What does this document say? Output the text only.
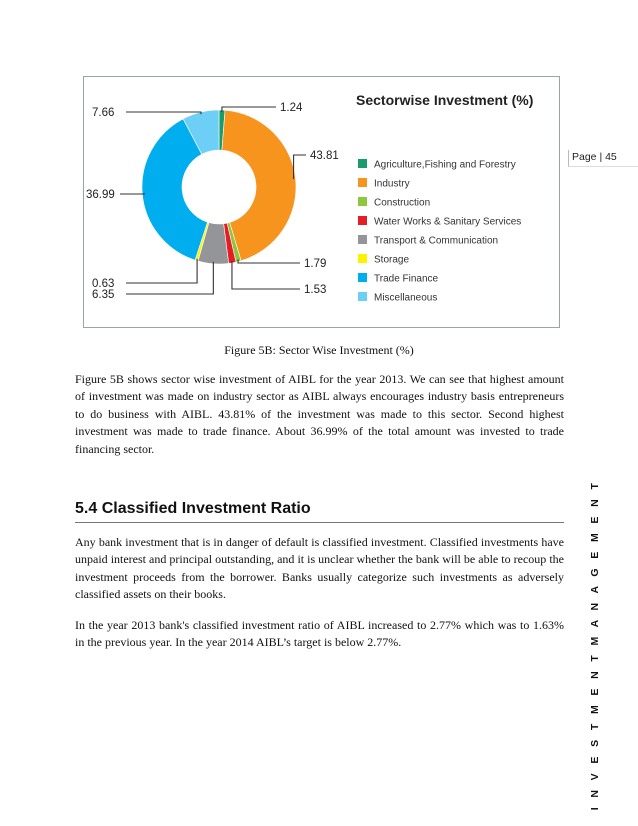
Page | 45
I N V E S T M E N T M A N A G E M E N T
Sectorwise Investment (%)
1.24
43.81
1.79
1.53
6.35
0.63
36.99
7.66
Agriculture,Fishing and Forestry
Industry
Construction
Water Works & Sanitary Services
Transport & Communication
Storage
Trade Finance
Miscellaneous
Figure 5B: Sector Wise Investment (%)

Figure 5B shows sector wise investment of AIBL for the year 2013. We can see that highest amount of investment was made on industry sector as AIBL always encourages industry basis entrepreneurs to do business with AIBL. 43.81% of the investment was made to this sector. Second highest investment was made to trade finance. About 36.99% of the total amount was invested to trade financing sector.

5.4 Classified Investment Ratio

Any bank investment that is in danger of default is classified investment. Classified investments have unpaid interest and principal outstanding, and it is unclear whether the bank will be able to recoup the investment proceeds from the borrower. Banks usually categorize such investments as adversely classified assets on their books.

In the year 2013 bank's classified investment ratio of AIBL increased to 2.77% which was to 1.63% in the previous year. In the year 2014 AIBL’s target is below 2.77%.
